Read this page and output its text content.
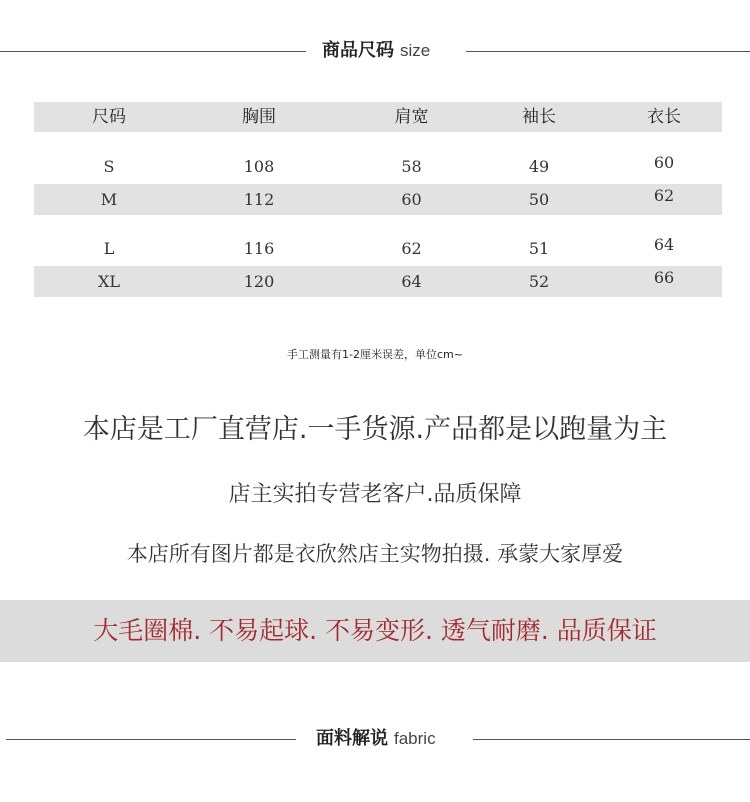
商品尺码 size
尺码	胸围	肩宽	袖长	衣长
S	108	58	49	60
M	112	60	50	62
L	116	62	51	64
XL	120	64	52	66
手工测量有1-2厘米误差，单位cm~
本店是工厂直营店.一手货源.产品都是以跑量为主
店主实拍专营老客户.品质保障
本店所有图片都是衣欣然店主实物拍摄. 承蒙大家厚爱
大毛圈棉. 不易起球. 不易变形. 透气耐磨. 品质保证
面料解说 fabric
